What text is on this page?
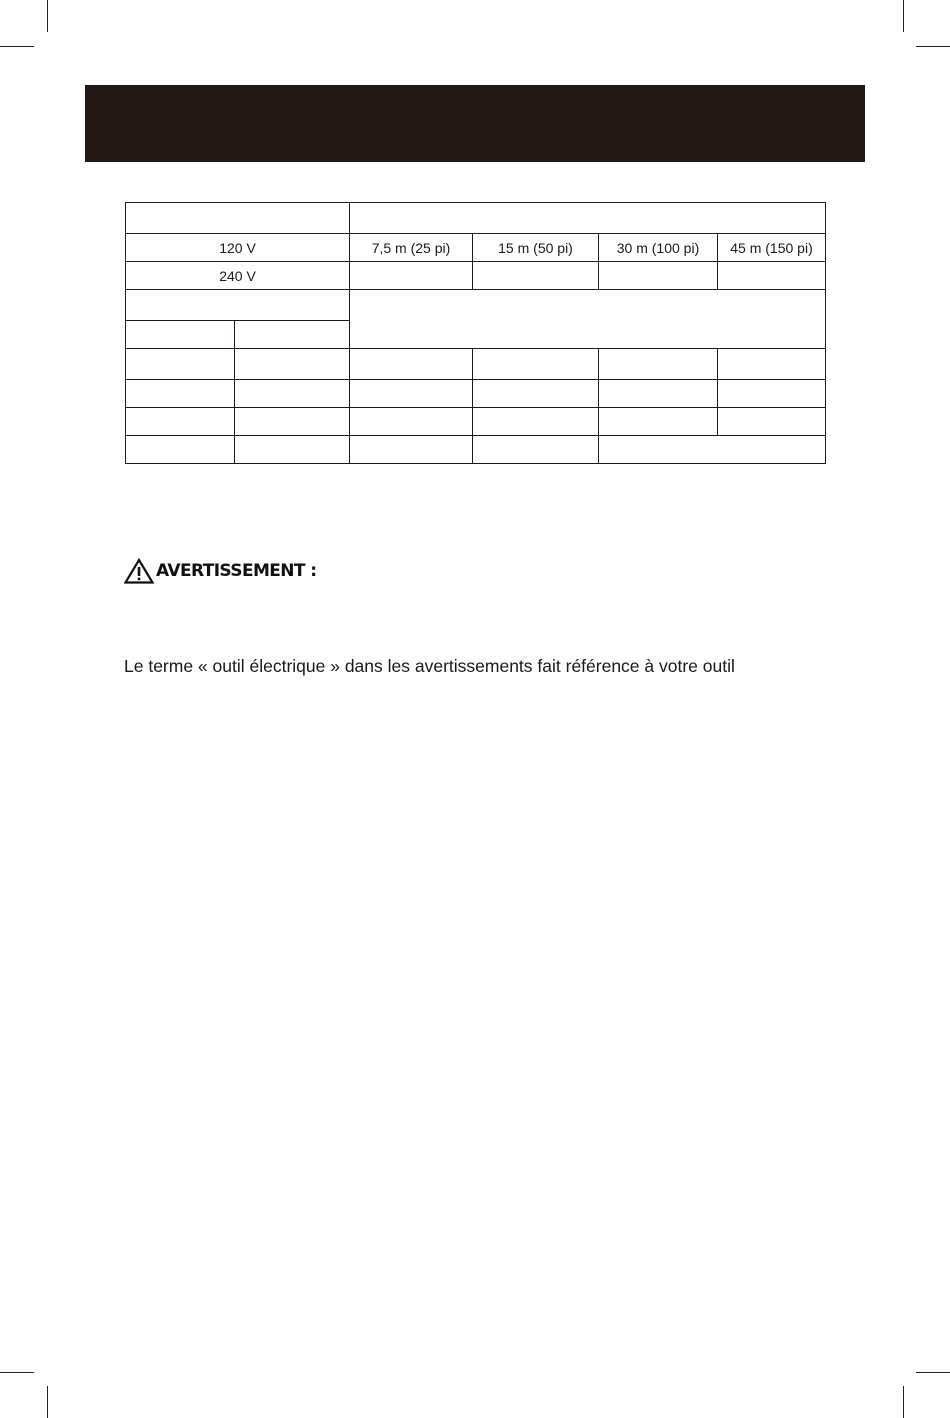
120 V		7,5 m (25 pi)	15 m (50 pi)	30 m (100 pi)	45 m (150 pi)
240 V					

AVERTISSEMENT :
Le terme « outil électrique » dans les avertissements fait référence à votre outil
